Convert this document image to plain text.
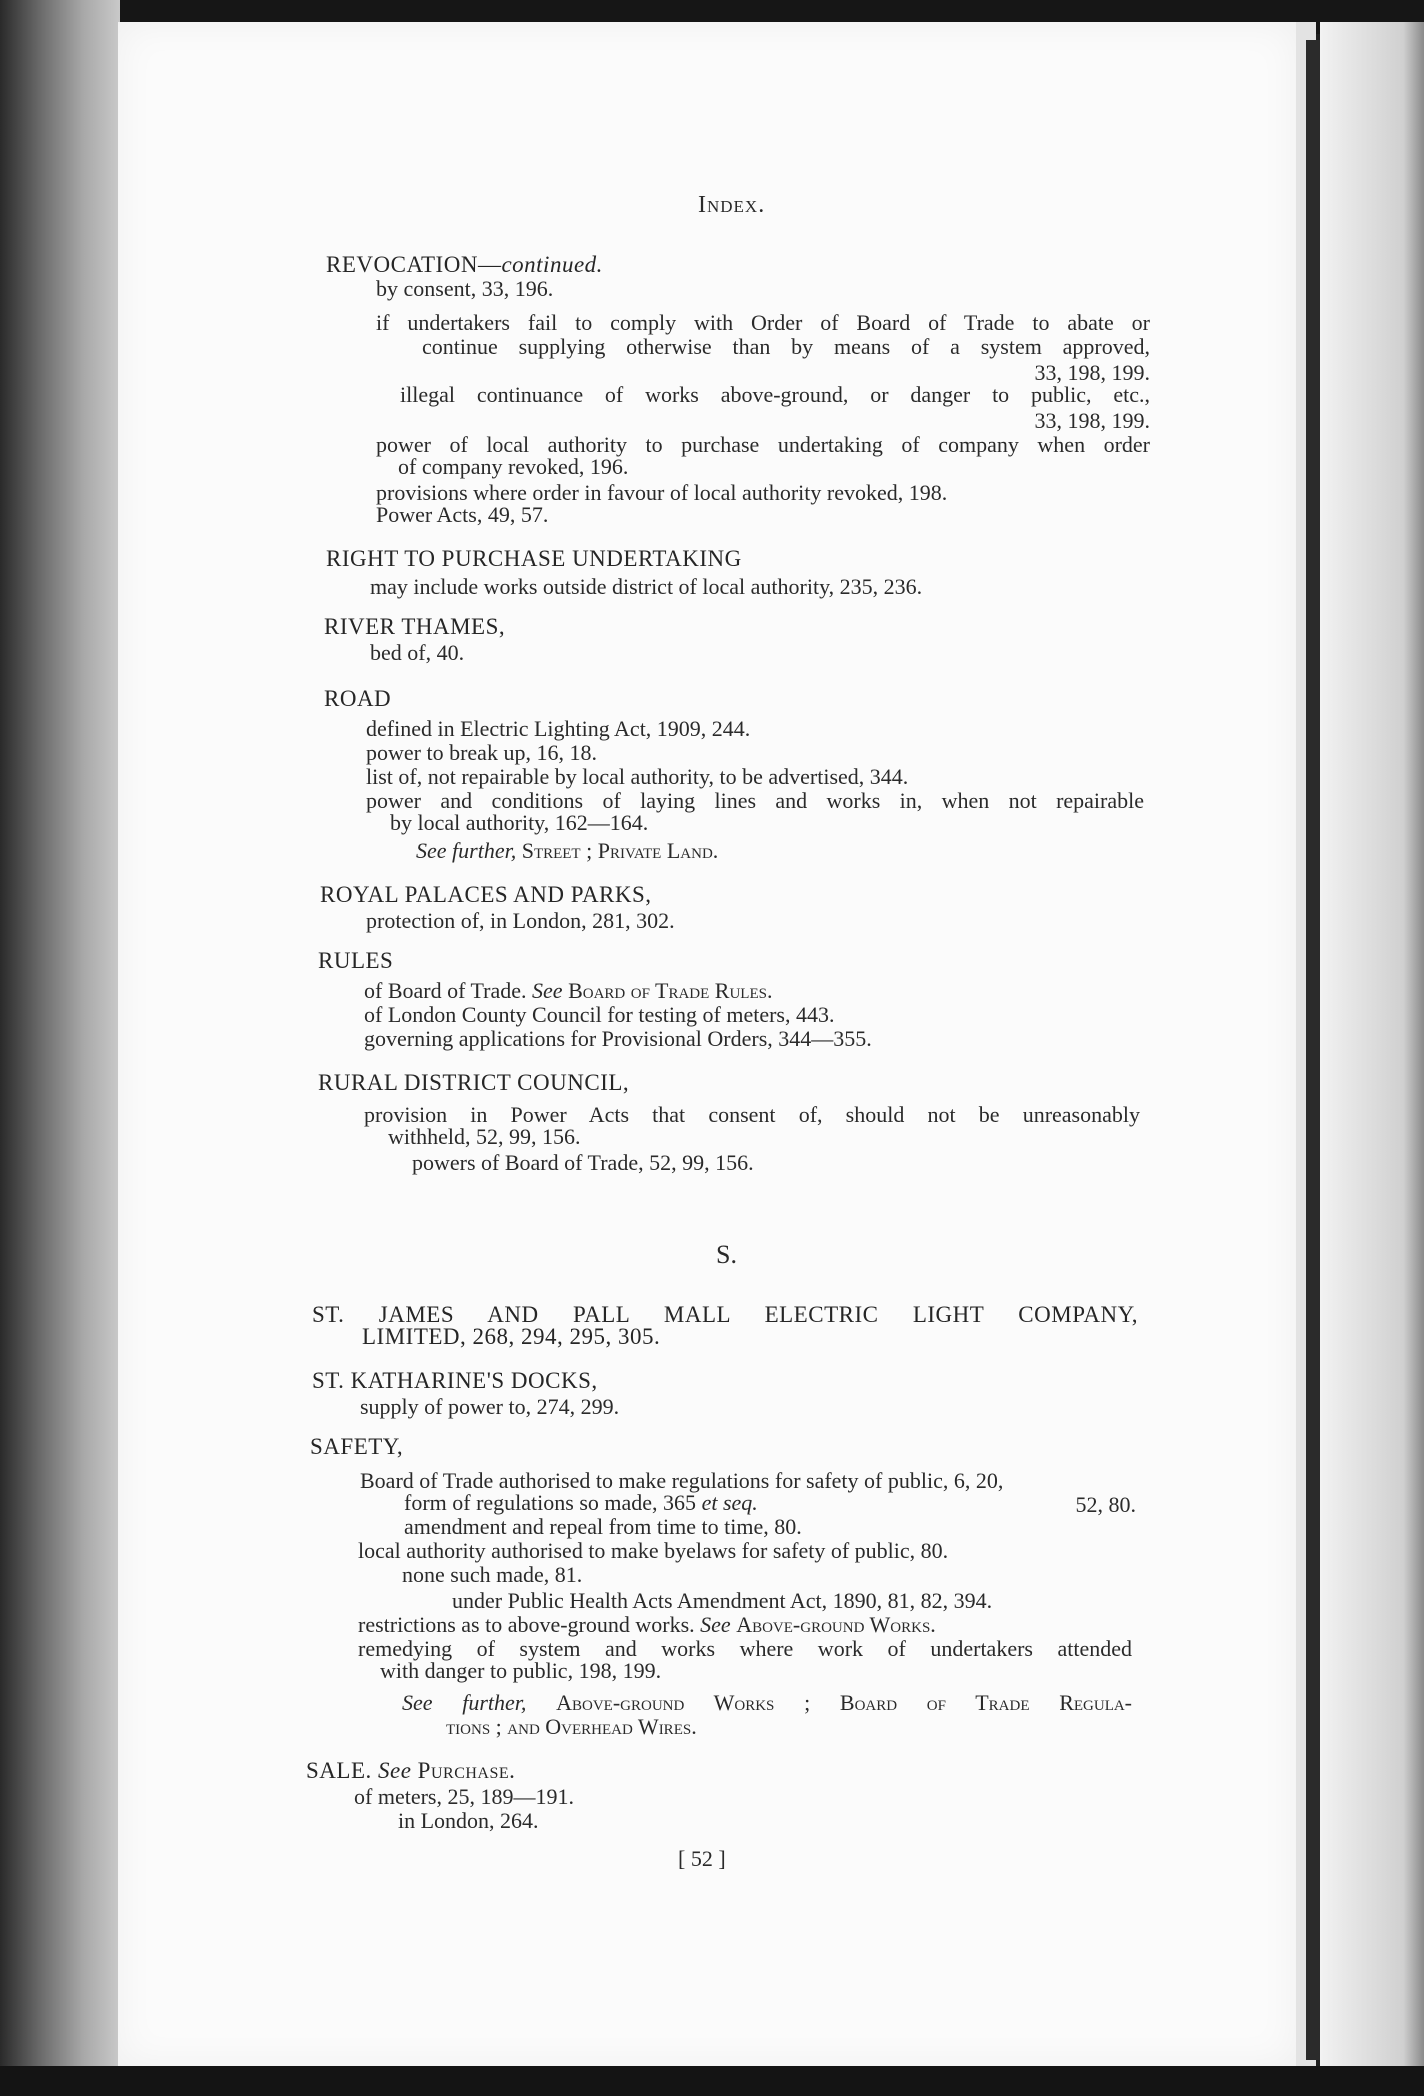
Index.
REVOCATION—continued.
by consent, 33, 196.
if undertakers fail to comply with Order of Board of Trade to abate or
continue supplying otherwise than by means of a system approved,
33, 198, 199.
illegal continuance of works above-ground, or danger to public, etc.,
33, 198, 199.
power of local authority to purchase undertaking of company when order
of company revoked, 196.
provisions where order in favour of local authority revoked, 198.
Power Acts, 49, 57.
RIGHT TO PURCHASE UNDERTAKING
may include works outside district of local authority, 235, 236.
RIVER THAMES,
bed of, 40.
ROAD
defined in Electric Lighting Act, 1909, 244.
power to break up, 16, 18.
list of, not repairable by local authority, to be advertised, 344.
power and conditions of laying lines and works in, when not repairable
by local authority, 162—164.
See further, Street ; Private Land.
ROYAL PALACES AND PARKS,
protection of, in London, 281, 302.
RULES
of Board of Trade. See Board of Trade Rules.
of London County Council for testing of meters, 443.
governing applications for Provisional Orders, 344—355.
RURAL DISTRICT COUNCIL,
provision in Power Acts that consent of, should not be unreasonably
withheld, 52, 99, 156.
powers of Board of Trade, 52, 99, 156.
S.
ST. JAMES AND PALL MALL ELECTRIC LIGHT COMPANY,
LIMITED, 268, 294, 295, 305.
ST. KATHARINE'S DOCKS,
supply of power to, 274, 299.
SAFETY,
Board of Trade authorised to make regulations for safety of public, 6, 20,
form of regulations so made, 365 et seq.	52, 80.
amendment and repeal from time to time, 80.
local authority authorised to make byelaws for safety of public, 80.
none such made, 81.
under Public Health Acts Amendment Act, 1890, 81, 82, 394.
restrictions as to above-ground works. See Above-ground Works.
remedying of system and works where work of undertakers attended
with danger to public, 198, 199.
See further, Above-ground Works ; Board of Trade Regula-
tions ; and Overhead Wires.
SALE. See Purchase.
of meters, 25, 189—191.
in London, 264.
[ 52 ]
